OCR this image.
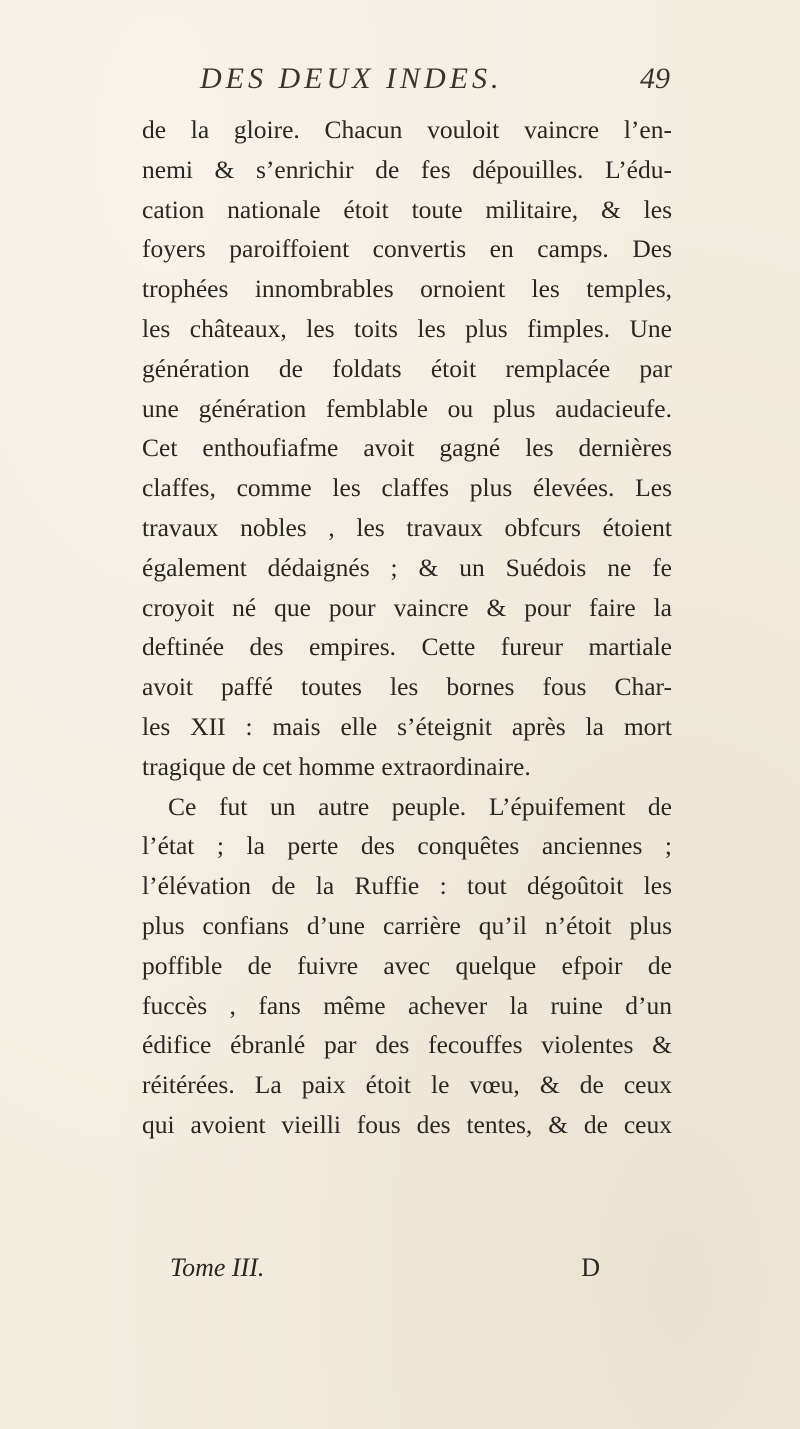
DES DEUX INDES.	49
de la gloire. Chacun vouloit vaincre l’en-
nemi & s’enrichir de fes dépouilles. L’édu-
cation nationale étoit toute militaire, & les
foyers paroiffoient convertis en camps. Des
trophées innombrables ornoient les temples,
les châteaux, les toits les plus fimples. Une
génération de foldats étoit remplacée par
une génération femblable ou plus audacieufe.
Cet enthoufiafme avoit gagné les dernières
claffes, comme les claffes plus élevées. Les
travaux nobles , les travaux obfcurs étoient
également dédaignés ; & un Suédois ne fe
croyoit né que pour vaincre & pour faire la
deftinée des empires. Cette fureur martiale
avoit paffé toutes les bornes fous Char-
les XII : mais elle s’éteignit après la mort
tragique de cet homme extraordinaire.
Ce fut un autre peuple. L’épuifement de
l’état ; la perte des conquêtes anciennes ;
l’élévation de la Ruffie : tout dégoûtoit les
plus confians d’une carrière qu’il n’étoit plus
poffible de fuivre avec quelque efpoir de
fuccès , fans même achever la ruine d’un
édifice ébranlé par des fecouffes violentes &
réitérées. La paix étoit le vœu, & de ceux
qui avoient vieilli fous des tentes, & de ceux
Tome III.	D
